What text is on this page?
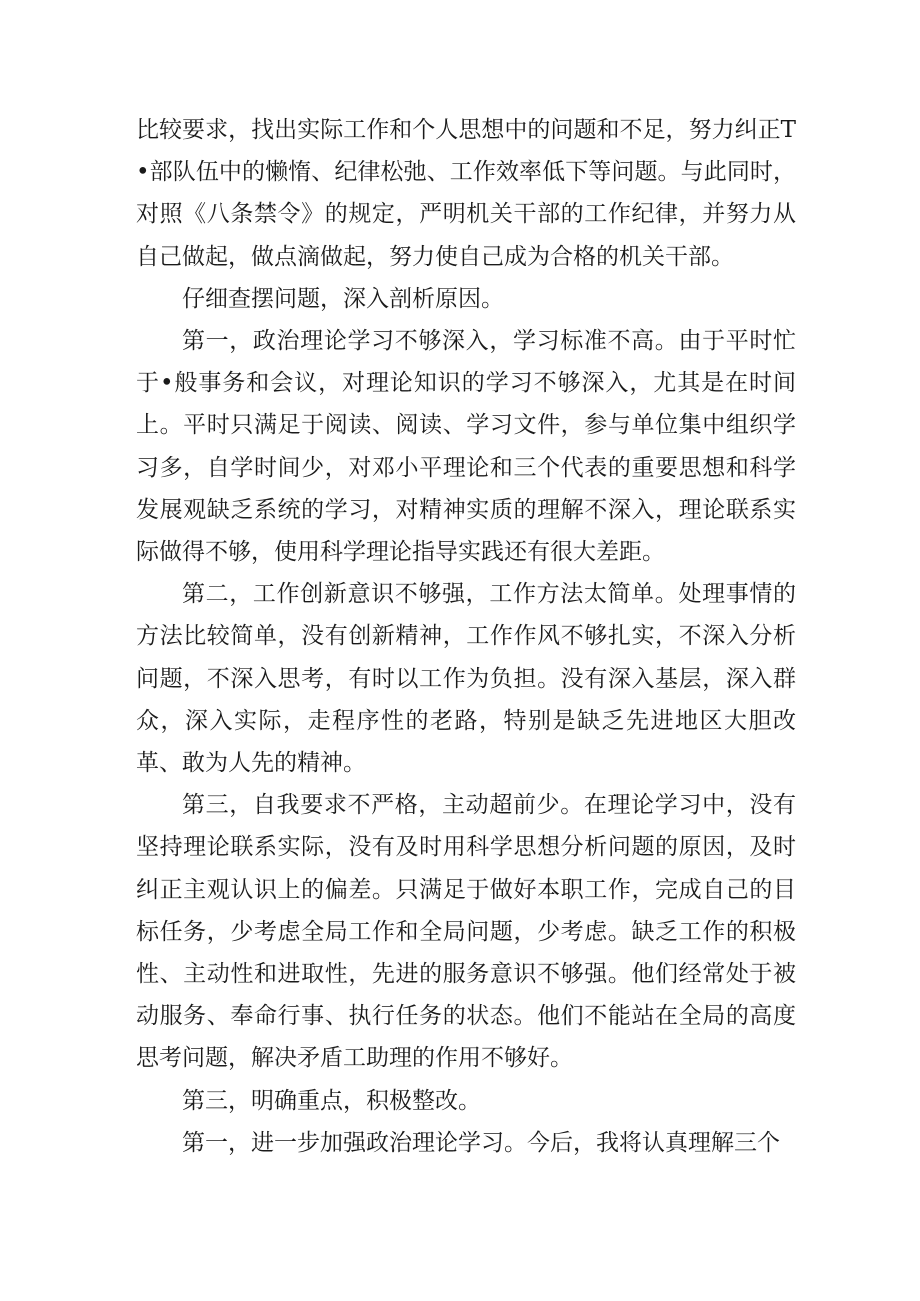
比较要求，找出实际工作和个人思想中的问题和不足，努力纠正T•部队伍中的懒惰、纪律松弛、工作效率低下等问题。与此同时，对照《八条禁令》的规定，严明机关干部的工作纪律，并努力从自己做起，做点滴做起，努力使自己成为合格的机关干部。

仔细查摆问题，深入剖析原因。

第一，政治理论学习不够深入，学习标准不高。由于平时忙于•般事务和会议，对理论知识的学习不够深入，尤其是在时间上。平时只满足于阅读、阅读、学习文件，参与单位集中组织学习多，自学时间少，对邓小平理论和三个代表的重要思想和科学发展观缺乏系统的学习，对精神实质的理解不深入，理论联系实际做得不够，使用科学理论指导实践还有很大差距。

第二，工作创新意识不够强，工作方法太简单。处理事情的方法比较简单，没有创新精神，工作作风不够扎实，不深入分析问题，不深入思考，有时以工作为负担。没有深入基层，深入群众，深入实际，走程序性的老路，特别是缺乏先进地区大胆改革、敢为人先的精神。

第三，自我要求不严格，主动超前少。在理论学习中，没有坚持理论联系实际，没有及时用科学思想分析问题的原因，及时纠正主观认识上的偏差。只满足于做好本职工作，完成自己的目标任务，少考虑全局工作和全局问题，少考虑。缺乏工作的积极性、主动性和进取性，先进的服务意识不够强。他们经常处于被动服务、奉命行事、执行任务的状态。他们不能站在全局的高度思考问题，解决矛盾工助理的作用不够好。

第三，明确重点，积极整改。

第一，进一步加强政治理论学习。今后，我将认真理解三个
